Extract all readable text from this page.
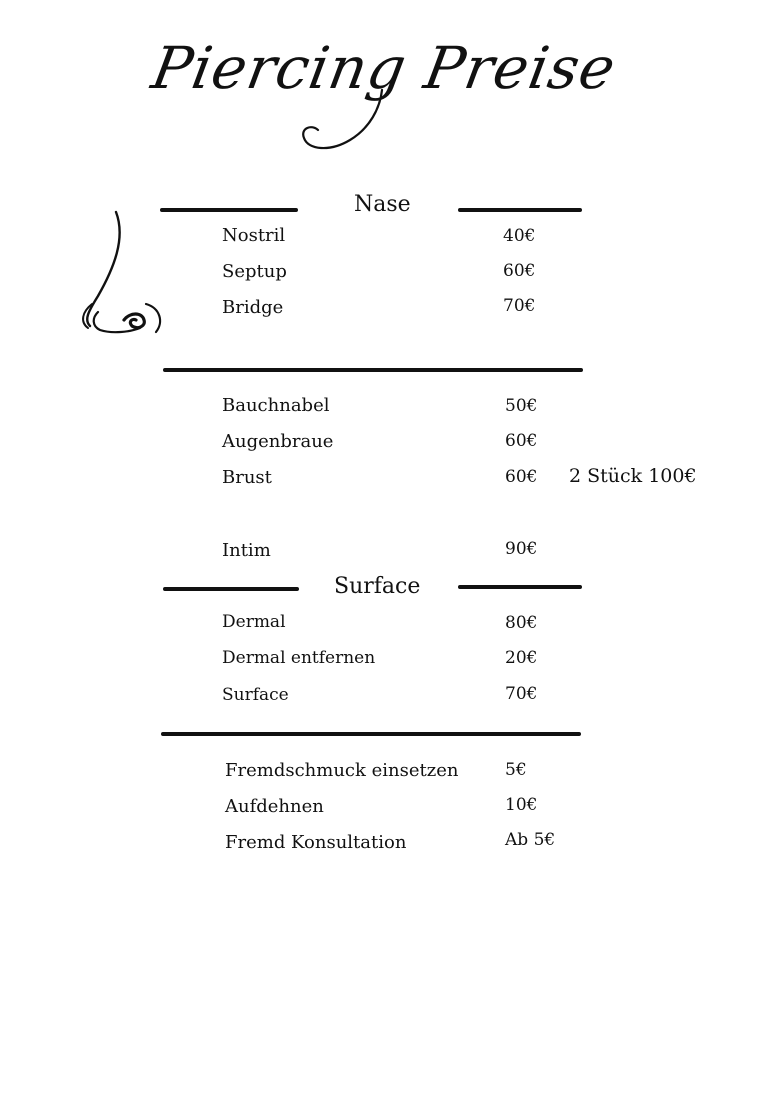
Piercing Preise
Nase
Nostril	40€
Septup	60€
Bridge	70€
Bauchnabel	50€
Augenbraue	60€
Brust	60€ 2 Stück 100€
Intim	90€
Surface
Dermal	80€
Dermal entfernen	20€
Surface	70€
Fremdschmuck einsetzen	5€
Aufdehnen	10€
Fremd Konsultation	Ab 5€
